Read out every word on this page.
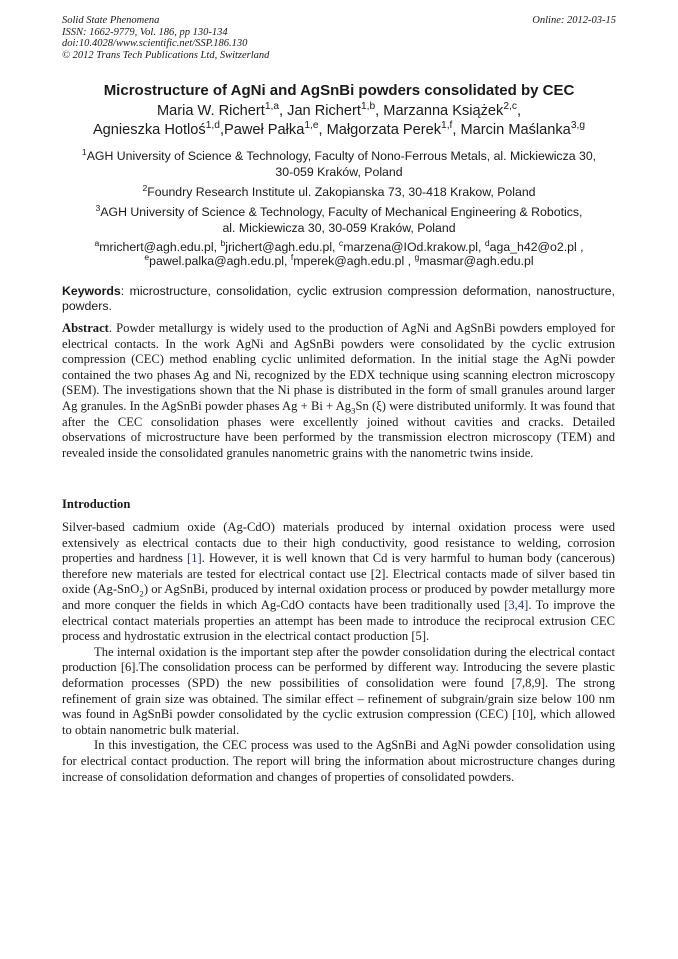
Solid State Phenomena
ISSN: 1662-9779, Vol. 186, pp 130-134
doi:10.4028/www.scientific.net/SSP.186.130
© 2012 Trans Tech Publications Ltd, Switzerland
Online: 2012-03-15
Microstructure of AgNi and AgSnBi powders consolidated by CEC
Maria W. Richert$^{1,a}$, Jan Richert$^{1,b}$, Marzanna Książek$^{2,c}$,
Agnieszka Hotloś$^{1,d}$,Paweł Pałka$^{1,e}$, Małgorzata Perek$^{1,f}$, Marcin Maślanka$^{3,g}$
$^1$AGH University of Science & Technology, Faculty of Nono-Ferrous Metals, al. Mickiewicza 30,
30-059 Kraków, Poland
$^2$Foundry Research Institute ul. Zakopianska 73, 30-418 Krakow, Poland
$^3$AGH University of Science & Technology, Faculty of Mechanical Engineering & Robotics,
al. Mickiewicza 30, 30-059 Kraków, Poland
$^a$mrichert@agh.edu.pl, $^b$jrichert@agh.edu.pl, $^c$marzena@IOd.krakow.pl, $^d$aga_h42@o2.pl ,
$^e$pawel.palka@agh.edu.pl, $^f$mperek@agh.edu.pl , $^g$masmar@agh.edu.pl
Keywords: microstructure, consolidation, cyclic extrusion compression deformation, nanostructure, powders.
Abstract. Powder metallurgy is widely used to the production of AgNi and AgSnBi powders employed for electrical contacts. In the work AgNi and AgSnBi powders were consolidated by the cyclic extrusion compression (CEC) method enabling cyclic unlimited deformation. In the initial stage the AgNi powder contained the two phases Ag and Ni, recognized by the EDX technique using scanning electron microscopy (SEM). The investigations shown that the Ni phase is distributed in the form of small granules around larger Ag granules. In the AgSnBi powder phases $Ag + Bi + Ag_3Sn$ (ξ) were distributed uniformly. It was found that after the CEC consolidation phases were excellently joined without cavities and cracks. Detailed observations of microstructure have been performed by the transmission electron microscopy (TEM) and revealed inside the consolidated granules nanometric grains with the nanometric twins inside.
Introduction

Silver-based cadmium oxide (Ag-CdO) materials produced by internal oxidation process were used extensively as electrical contacts due to their high conductivity, good resistance to welding, corrosion properties and hardness [1]. However, it is well known that Cd is very harmful to human body (cancerous) therefore new materials are tested for electrical contact use [2]. Electrical contacts made of silver based tin oxide (Ag-SnO$_2$) or AgSnBi, produced by internal oxidation process or produced by powder metallurgy more and more conquer the fields in which Ag-CdO contacts have been traditionally used [3,4]. To improve the electrical contact materials properties an attempt has been made to introduce the reciprocal extrusion CEC process and hydrostatic extrusion in the electrical contact production [5].

The internal oxidation is the important step after the powder consolidation during the electrical contact production [6].The consolidation process can be performed by different way. Introducing the severe plastic deformation processes (SPD) the new possibilities of consolidation were found [7,8,9]. The strong refinement of grain size was obtained. The similar effect – refinement of subgrain/grain size below 100 nm was found in AgSnBi powder consolidated by the cyclic extrusion compression (CEC) [10], which allowed to obtain nanometric bulk material.

In this investigation, the CEC process was used to the AgSnBi and AgNi powder consolidation using for electrical contact production. The report will bring the information about microstructure changes during increase of consolidation deformation and changes of properties of consolidated powders.
